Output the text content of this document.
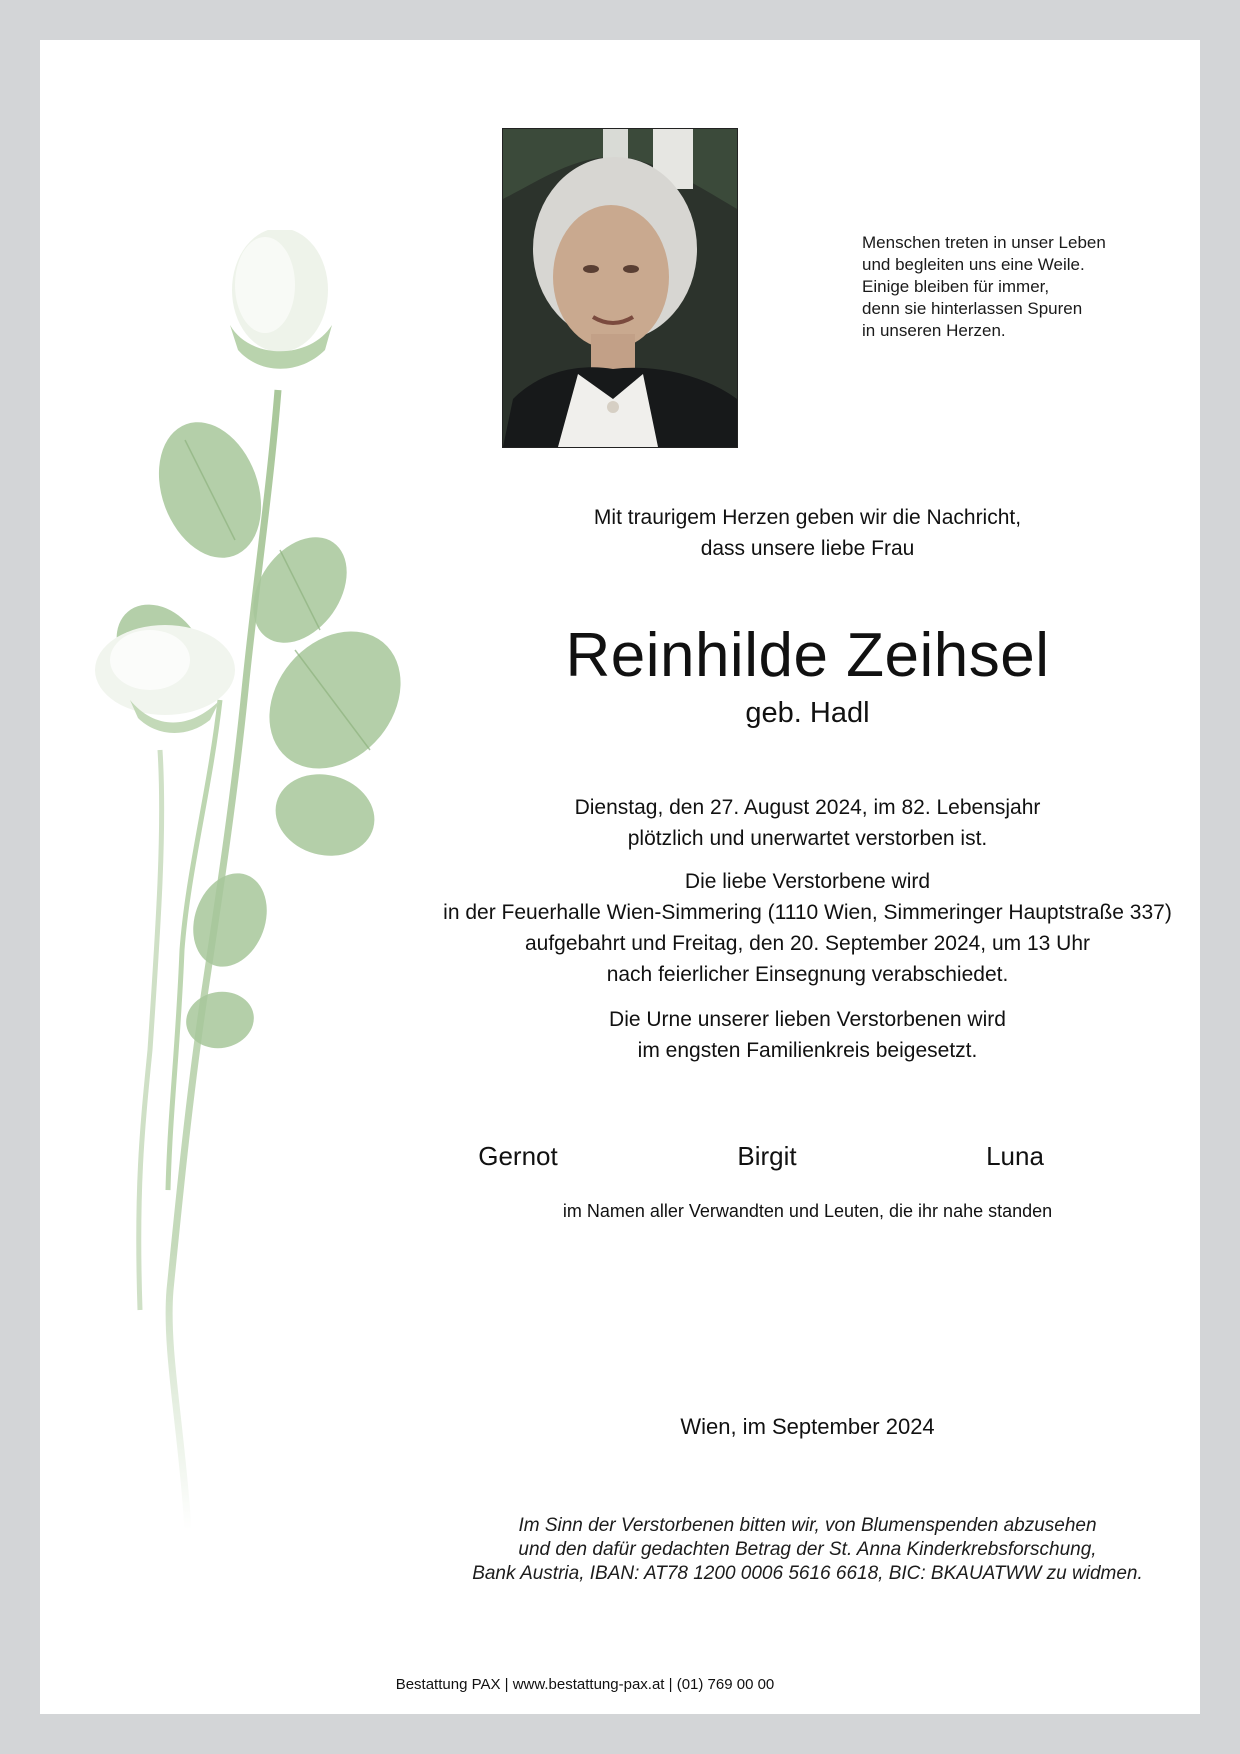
Menschen treten in unser Leben
und begleiten uns eine Weile.
Einige bleiben für immer,
denn sie hinterlassen Spuren
in unseren Herzen.
Mit traurigem Herzen geben wir die Nachricht,
dass unsere liebe Frau
Reinhilde Zeihsel
geb. Hadl
Dienstag, den 27. August 2024, im 82. Lebensjahr
plötzlich und unerwartet verstorben ist.
Die liebe Verstorbene wird
in der Feuerhalle Wien-Simmering (1110 Wien, Simmeringer Hauptstraße 337)
aufgebahrt und Freitag, den 20. September 2024, um 13 Uhr
nach feierlicher Einsegnung verabschiedet.
Die Urne unserer lieben Verstorbenen wird
im engsten Familienkreis beigesetzt.
Gernot	Birgit	Luna
im Namen aller Verwandten und Leuten, die ihr nahe standen
Wien, im September 2024
Im Sinn der Verstorbenen bitten wir, von Blumenspenden abzusehen
und den dafür gedachten Betrag der St. Anna Kinderkrebsforschung,
Bank Austria, IBAN: AT78 1200 0006 5616 6618, BIC: BKAUATWW zu widmen.
Bestattung PAX | www.bestattung-pax.at | (01) 769 00 00
